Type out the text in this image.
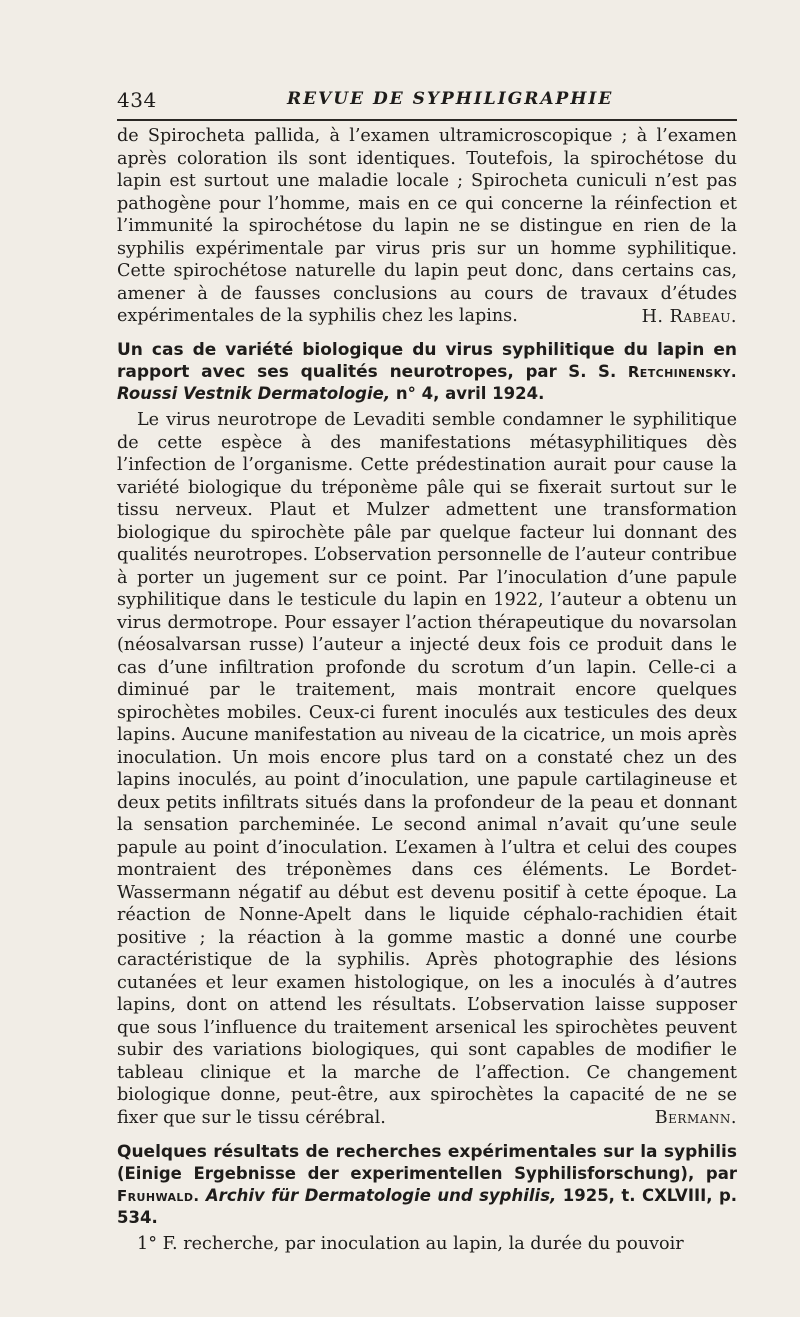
434	REVUE DE SYPHILIGRAPHIE

de Spirocheta pallida, à l’examen ultramicroscopique ; à l’examen après coloration ils sont identiques. Toutefois, la spirochétose du lapin est surtout une maladie locale ; Spirocheta cuniculi n’est pas pathogène pour l’homme, mais en ce qui concerne la réinfection et l’immunité la spirochétose du lapin ne se distingue en rien de la syphilis expérimentale par virus pris sur un homme syphilitique. Cette spirochétose naturelle du lapin peut donc, dans certains cas, amener à de fausses conclusions au cours de travaux d’études expérimentales de la syphilis chez les lapins.	H. Rabeau.

Un cas de variété biologique du virus syphilitique du lapin en rapport avec ses qualités neurotropes, par S. S. Retchinensky. Roussi Vestnik Dermatologie, n° 4, avril 1924.

Le virus neurotrope de Levaditi semble condamner le syphilitique de cette espèce à des manifestations métasyphilitiques dès l’infection de l’organisme. Cette prédestination aurait pour cause la variété biologique du tréponème pâle qui se fixerait surtout sur le tissu nerveux. Plaut et Mulzer admettent une transformation biologique du spirochète pâle par quelque facteur lui donnant des qualités neurotropes. L’observation personnelle de l’auteur contribue à porter un jugement sur ce point. Par l’inoculation d’une papule syphilitique dans le testicule du lapin en 1922, l’auteur a obtenu un virus dermotrope. Pour essayer l’action thérapeutique du novarsolan (néosalvarsan russe) l’auteur a injecté deux fois ce produit dans le cas d’une infiltration profonde du scrotum d’un lapin. Celle-ci a diminué par le traitement, mais montrait encore quelques spirochètes mobiles. Ceux-ci furent inoculés aux testicules des deux lapins. Aucune manifestation au niveau de la cicatrice, un mois après inoculation. Un mois encore plus tard on a constaté chez un des lapins inoculés, au point d’inoculation, une papule cartilagineuse et deux petits infiltrats situés dans la profondeur de la peau et donnant la sensation parcheminée. Le second animal n’avait qu’une seule papule au point d’inoculation. L’examen à l’ultra et celui des coupes montraient des tréponèmes dans ces éléments. Le Bordet-Wassermann négatif au début est devenu positif à cette époque. La réaction de Nonne-Apelt dans le liquide céphalo-rachidien était positive ; la réaction à la gomme mastic a donné une courbe caractéristique de la syphilis. Après photographie des lésions cutanées et leur examen histologique, on les a inoculés à d’autres lapins, dont on attend les résultats. L’observation laisse supposer que sous l’influence du traitement arsenical les spirochètes peuvent subir des variations biologiques, qui sont capables de modifier le tableau clinique et la marche de l’affection. Ce changement biologique donne, peut-être, aux spirochètes la capacité de ne se fixer que sur le tissu cérébral.	Bermann.

Quelques résultats de recherches expérimentales sur la syphilis (Einige Ergebnisse der experimentellen Syphilisforschung), par Fruhwald. Archiv für Dermatologie und syphilis, 1925, t. CXLVIII, p. 534.

1° F. recherche, par inoculation au lapin, la durée du pouvoir
